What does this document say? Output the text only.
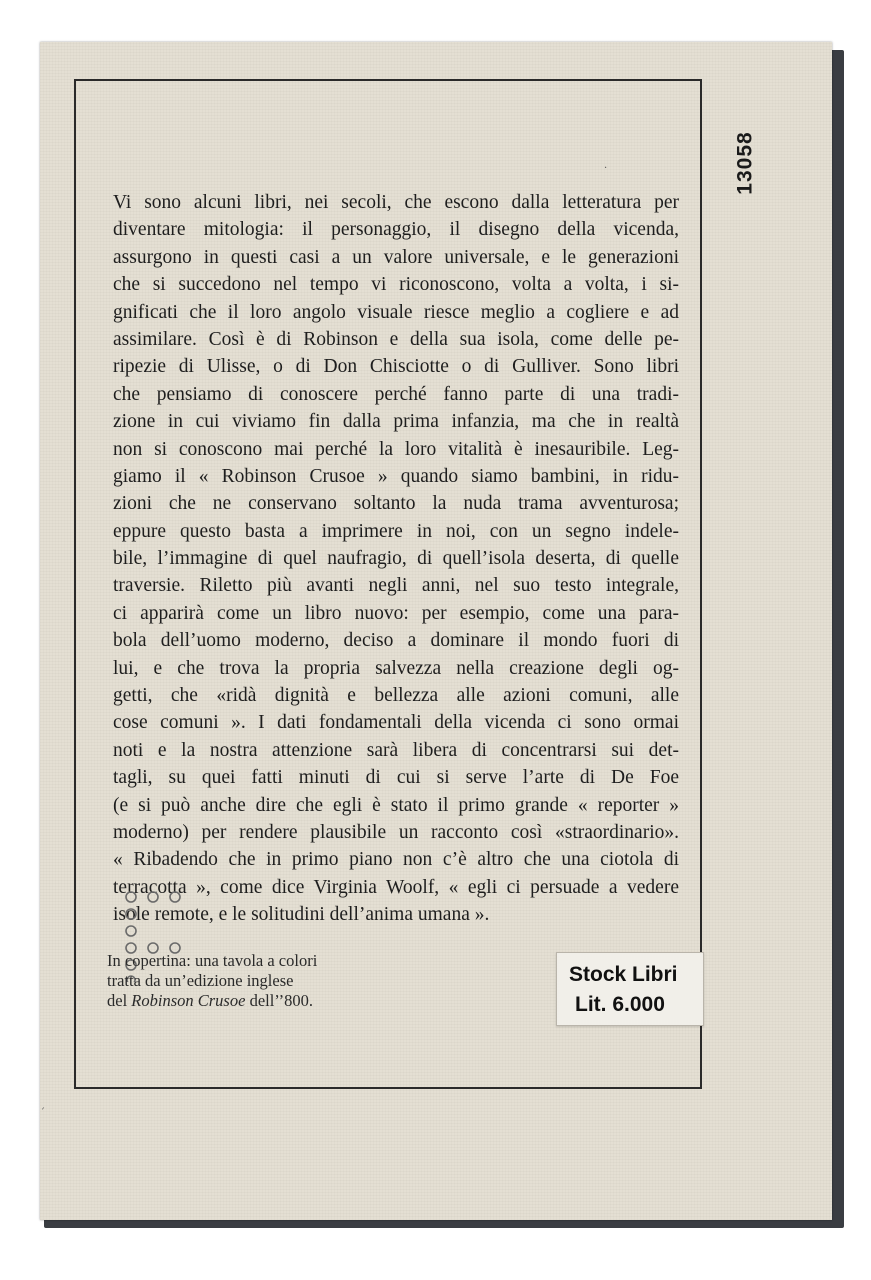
13058
.
´
Vi sono alcuni libri, nei secoli, che escono dalla letteratura per
diventare mitologia: il personaggio, il disegno della vicenda,
assurgono in questi casi a un valore universale, e le generazioni
che si succedono nel tempo vi riconoscono, volta a volta, i si-
gnificati che il loro angolo visuale riesce meglio a cogliere e ad
assimilare. Così è di Robinson e della sua isola, come delle pe-
ripezie di Ulisse, o di Don Chisciotte o di Gulliver. Sono libri
che pensiamo di conoscere perché fanno parte di una tradi-
zione in cui viviamo fin dalla prima infanzia, ma che in realtà
non si conoscono mai perché la loro vitalità è inesauribile. Leg-
giamo il « Robinson Crusoe » quando siamo bambini, in ridu-
zioni che ne conservano soltanto la nuda trama avventurosa;
eppure questo basta a imprimere in noi, con un segno indele-
bile, l’immagine di quel naufragio, di quell’isola deserta, di quelle
traversie. Riletto più avanti negli anni, nel suo testo integrale,
ci apparirà come un libro nuovo: per esempio, come una para-
bola dell’uomo moderno, deciso a dominare il mondo fuori di
lui, e che trova la propria salvezza nella creazione degli og-
getti, che «ridà dignità e bellezza alle azioni comuni, alle
cose comuni ». I dati fondamentali della vicenda ci sono ormai
noti e la nostra attenzione sarà libera di concentrarsi sui det-
tagli, su quei fatti minuti di cui si serve l’arte di De Foe
(e si può anche dire che egli è stato il primo grande « reporter »
moderno) per rendere plausibile un racconto così «straordinario».
« Ribadendo che in primo piano non c’è altro che una ciotola di
terracotta », come dice Virginia Woolf, « egli ci persuade a vedere
isole remote, e le solitudini dell’anima umana ».
In copertina: una tavola a colori
tratta da un’edizione inglese
del Robinson Crusoe dell’’800.
Stock Libri
Lit. 6.000
